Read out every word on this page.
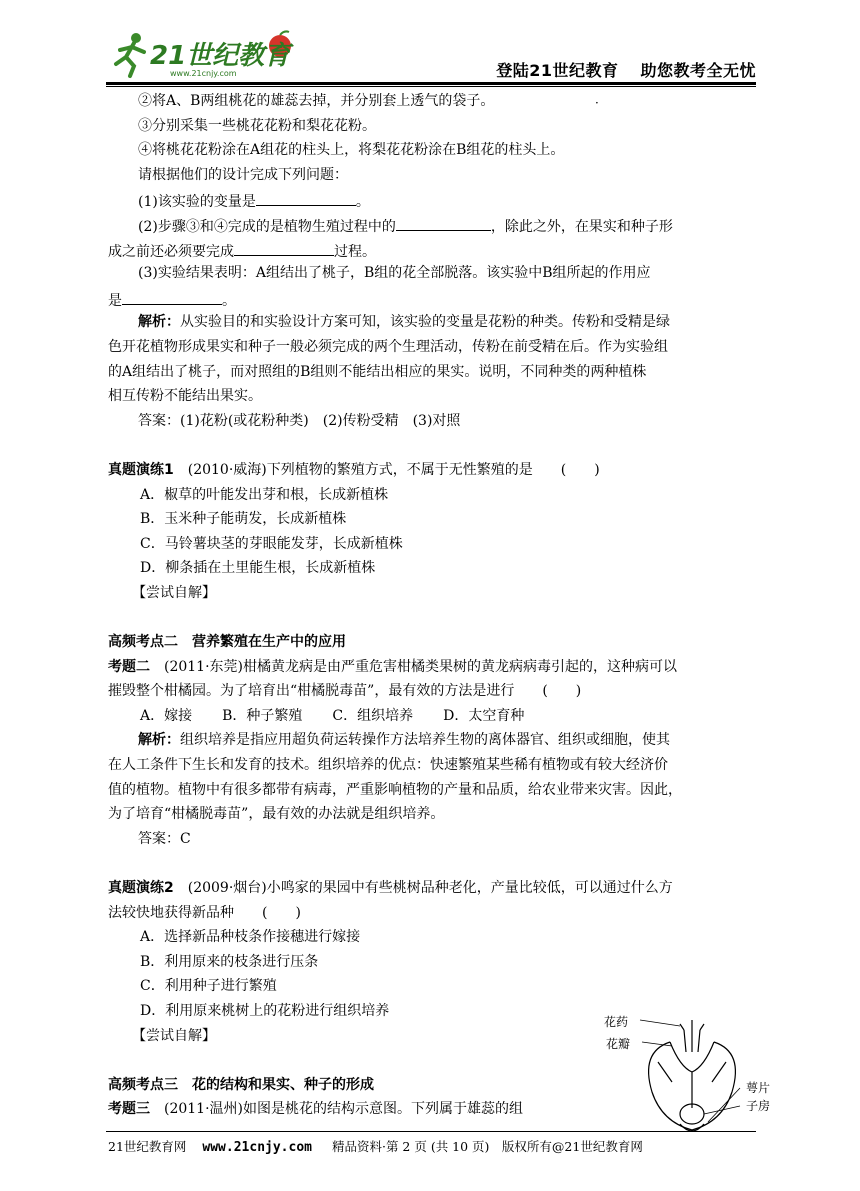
21世纪教育
www.21cnjy.com	登陆21世纪教育 助您教考全无忧
·
②将A、B两组桃花的雄蕊去掉，并分别套上透气的袋子。
③分别采集一些桃花花粉和梨花花粉。
④将桃花花粉涂在A组花的柱头上，将梨花花粉涂在B组花的柱头上。
请根据他们的设计完成下列问题：
(1)该实验的变量是	。
(2)步骤③和④完成的是植物生殖过程中的	，除此之外，在果实和种子形
成之前还必须要完成	过程。
(3)实验结果表明：A组结出了桃子，B组的花全部脱落。该实验中B组所起的作用应
是	。
解析：从实验目的和实验设计方案可知，该实验的变量是花粉的种类。传粉和受精是绿
色开花植物形成果实和种子一般必须完成的两个生理活动，传粉在前受精在后。作为实验组
的A组结出了桃子，而对照组的B组则不能结出相应的果实。说明，不同种类的两种植株
相互传粉不能结出果实。
答案：(1)花粉(或花粉种类)　(2)传粉受精　(3)对照
真题演练1　(2010·威海)下列植物的繁殖方式，不属于无性繁殖的是　　(　　)
A．椒草的叶能发出芽和根，长成新植株
B．玉米种子能萌发，长成新植株
C．马铃薯块茎的芽眼能发芽，长成新植株
D．柳条插在土里能生根，长成新植株
【尝试自解】
高频考点二　营养繁殖在生产中的应用
考题二　(2011·东莞)柑橘黄龙病是由严重危害柑橘类果树的黄龙病病毒引起的，这种病可以
摧毁整个柑橘园。为了培育出“柑橘脱毒苗”，最有效的方法是进行　　(　　)
A．嫁接 B．种子繁殖 C．组织培养 D．太空育种
解析：组织培养是指应用超负荷运转操作方法培养生物的离体器官、组织或细胞，使其
在人工条件下生长和发育的技术。组织培养的优点：快速繁殖某些稀有植物或有较大经济价
值的植物。植物中有很多都带有病毒，严重影响植物的产量和品质，给农业带来灾害。因此，
为了培育“柑橘脱毒苗”，最有效的办法就是组织培养。
答案：C
真题演练2　(2009·烟台)小鸣家的果园中有些桃树品种老化，产量比较低，可以通过什么方
法较快地获得新品种　　(　　)
A．选择新品种枝条作接穗进行嫁接
B．利用原来的枝条进行压条
C．利用种子进行繁殖
D．利用原来桃树上的花粉进行组织培养
【尝试自解】
高频考点三　花的结构和果实、种子的形成
考题三　(2011·温州)如图是桃花的结构示意图。下列属于雄蕊的组
花药
花瓣
萼片
子房
21世纪教育网 www.21cnjy.com 精品资料·第 2 页 (共 10 页)　版权所有@21世纪教育网
